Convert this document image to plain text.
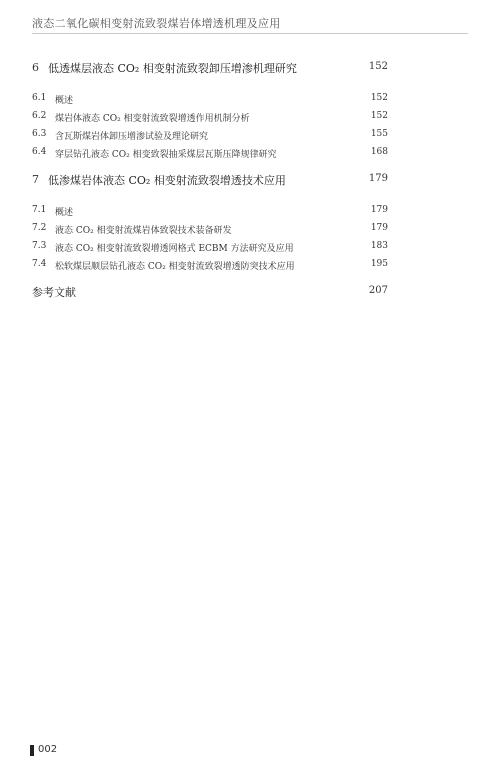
液态二氧化碳相变射流致裂煤岩体增透机理及应用
6 低透煤层液态 CO₂ 相变射流致裂卸压增渗机理研究	152
6.1 概述	152
6.2 煤岩体液态 CO₂ 相变射流致裂增透作用机制分析	152
6.3 含瓦斯煤岩体卸压增渗试验及理论研究	155
6.4 穿层钻孔液态 CO₂ 相变致裂抽采煤层瓦斯压降规律研究	168
7 低渗煤岩体液态 CO₂ 相变射流致裂增透技术应用	179
7.1 概述	179
7.2 液态 CO₂ 相变射流煤岩体致裂技术装备研发	179
7.3 液态 CO₂ 相变射流致裂增透网格式 ECBM 方法研究及应用	183
7.4 松软煤层顺层钻孔液态 CO₂ 相变射流致裂增透防突技术应用	195
参考文献	207
002
